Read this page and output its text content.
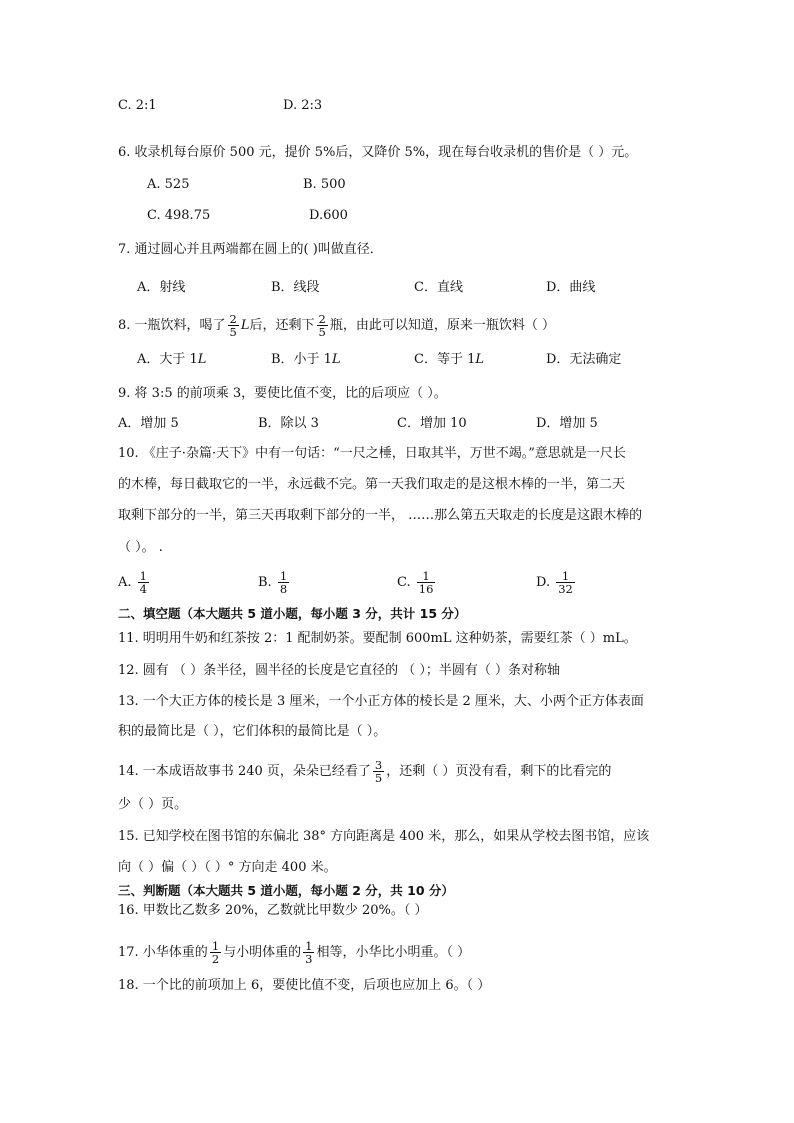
C. 2:1	D. 2:3
6. 收录机每台原价 500 元，提价 5%后，又降价 5%，现在每台收录机的售价是（ ）元。
A. 525	B. 500
C. 498.75	D.600
7. 通过圆心并且两端都在圆上的( )叫做直径．
A．射线	B．线段	C．直线	D．曲线
8. 一瓶饮料，喝了 $\frac{2}{5}$ L后，还剩下 $\frac{2}{5}$ 瓶，由此可以知道，原来一瓶饮料（ ）
A．大于 1L	B．小于 1L	C．等于 1L	D．无法确定
9. 将 3:5 的前项乘 3，要使比值不变，比的后项应（ ）。
A．增加 5	B．除以 3	C．增加 10	D．增加 5
10. 《庄子·杂篇·天下》中有一句话：“一尺之棰，日取其半，万世不竭。”意思就是一尺长
的木棒，每日截取它的一半，永远截不完。第一天我们取走的是这根木棒的一半，第二天
取剩下部分的一半，第三天再取剩下部分的一半， ……那么第五天取走的长度是这跟木棒的
（ ）。 .
A. $\frac{1}{4}$	B. $\frac{1}{8}$	C. $\frac{1}{16}$	D. $\frac{1}{32}$
二、填空题（本大题共 5 道小题，每小题 3 分，共计 15 分）
11. 明明用牛奶和红茶按 2：1 配制奶茶。要配制 600mL 这种奶茶，需要红茶（ ）mL。
12. 圆有 （ ）条半径，圆半径的长度是它直径的 （ ）；半圆有（ ）条对称轴
13. 一个大正方体的棱长是 3 厘米，一个小正方体的棱长是 2 厘米，大、小两个正方体表面
积的最简比是（ ），它们体积的最简比是（ ）。
14. 一本成语故事书 240 页，朵朵已经看了 $\frac{3}{5}$ ，还剩（ ）页没有看，剩下的比看完的
少（ ）页。
15. 已知学校在图书馆的东偏北 38° 方向距离是 400 米，那么，如果从学校去图书馆，应该
向（ ）偏（ ）（ ）° 方向走 400 米。
三、判断题（本大题共 5 道小题，每小题 2 分，共 10 分）
16. 甲数比乙数多 20%，乙数就比甲数少 20%。（ ）
17. 小华体重的 $\frac{1}{2}$ 与小明体重的 $\frac{1}{3}$ 相等，小华比小明重。（ ）
18. 一个比的前项加上 6，要使比值不变，后项也应加上 6。（ ）
